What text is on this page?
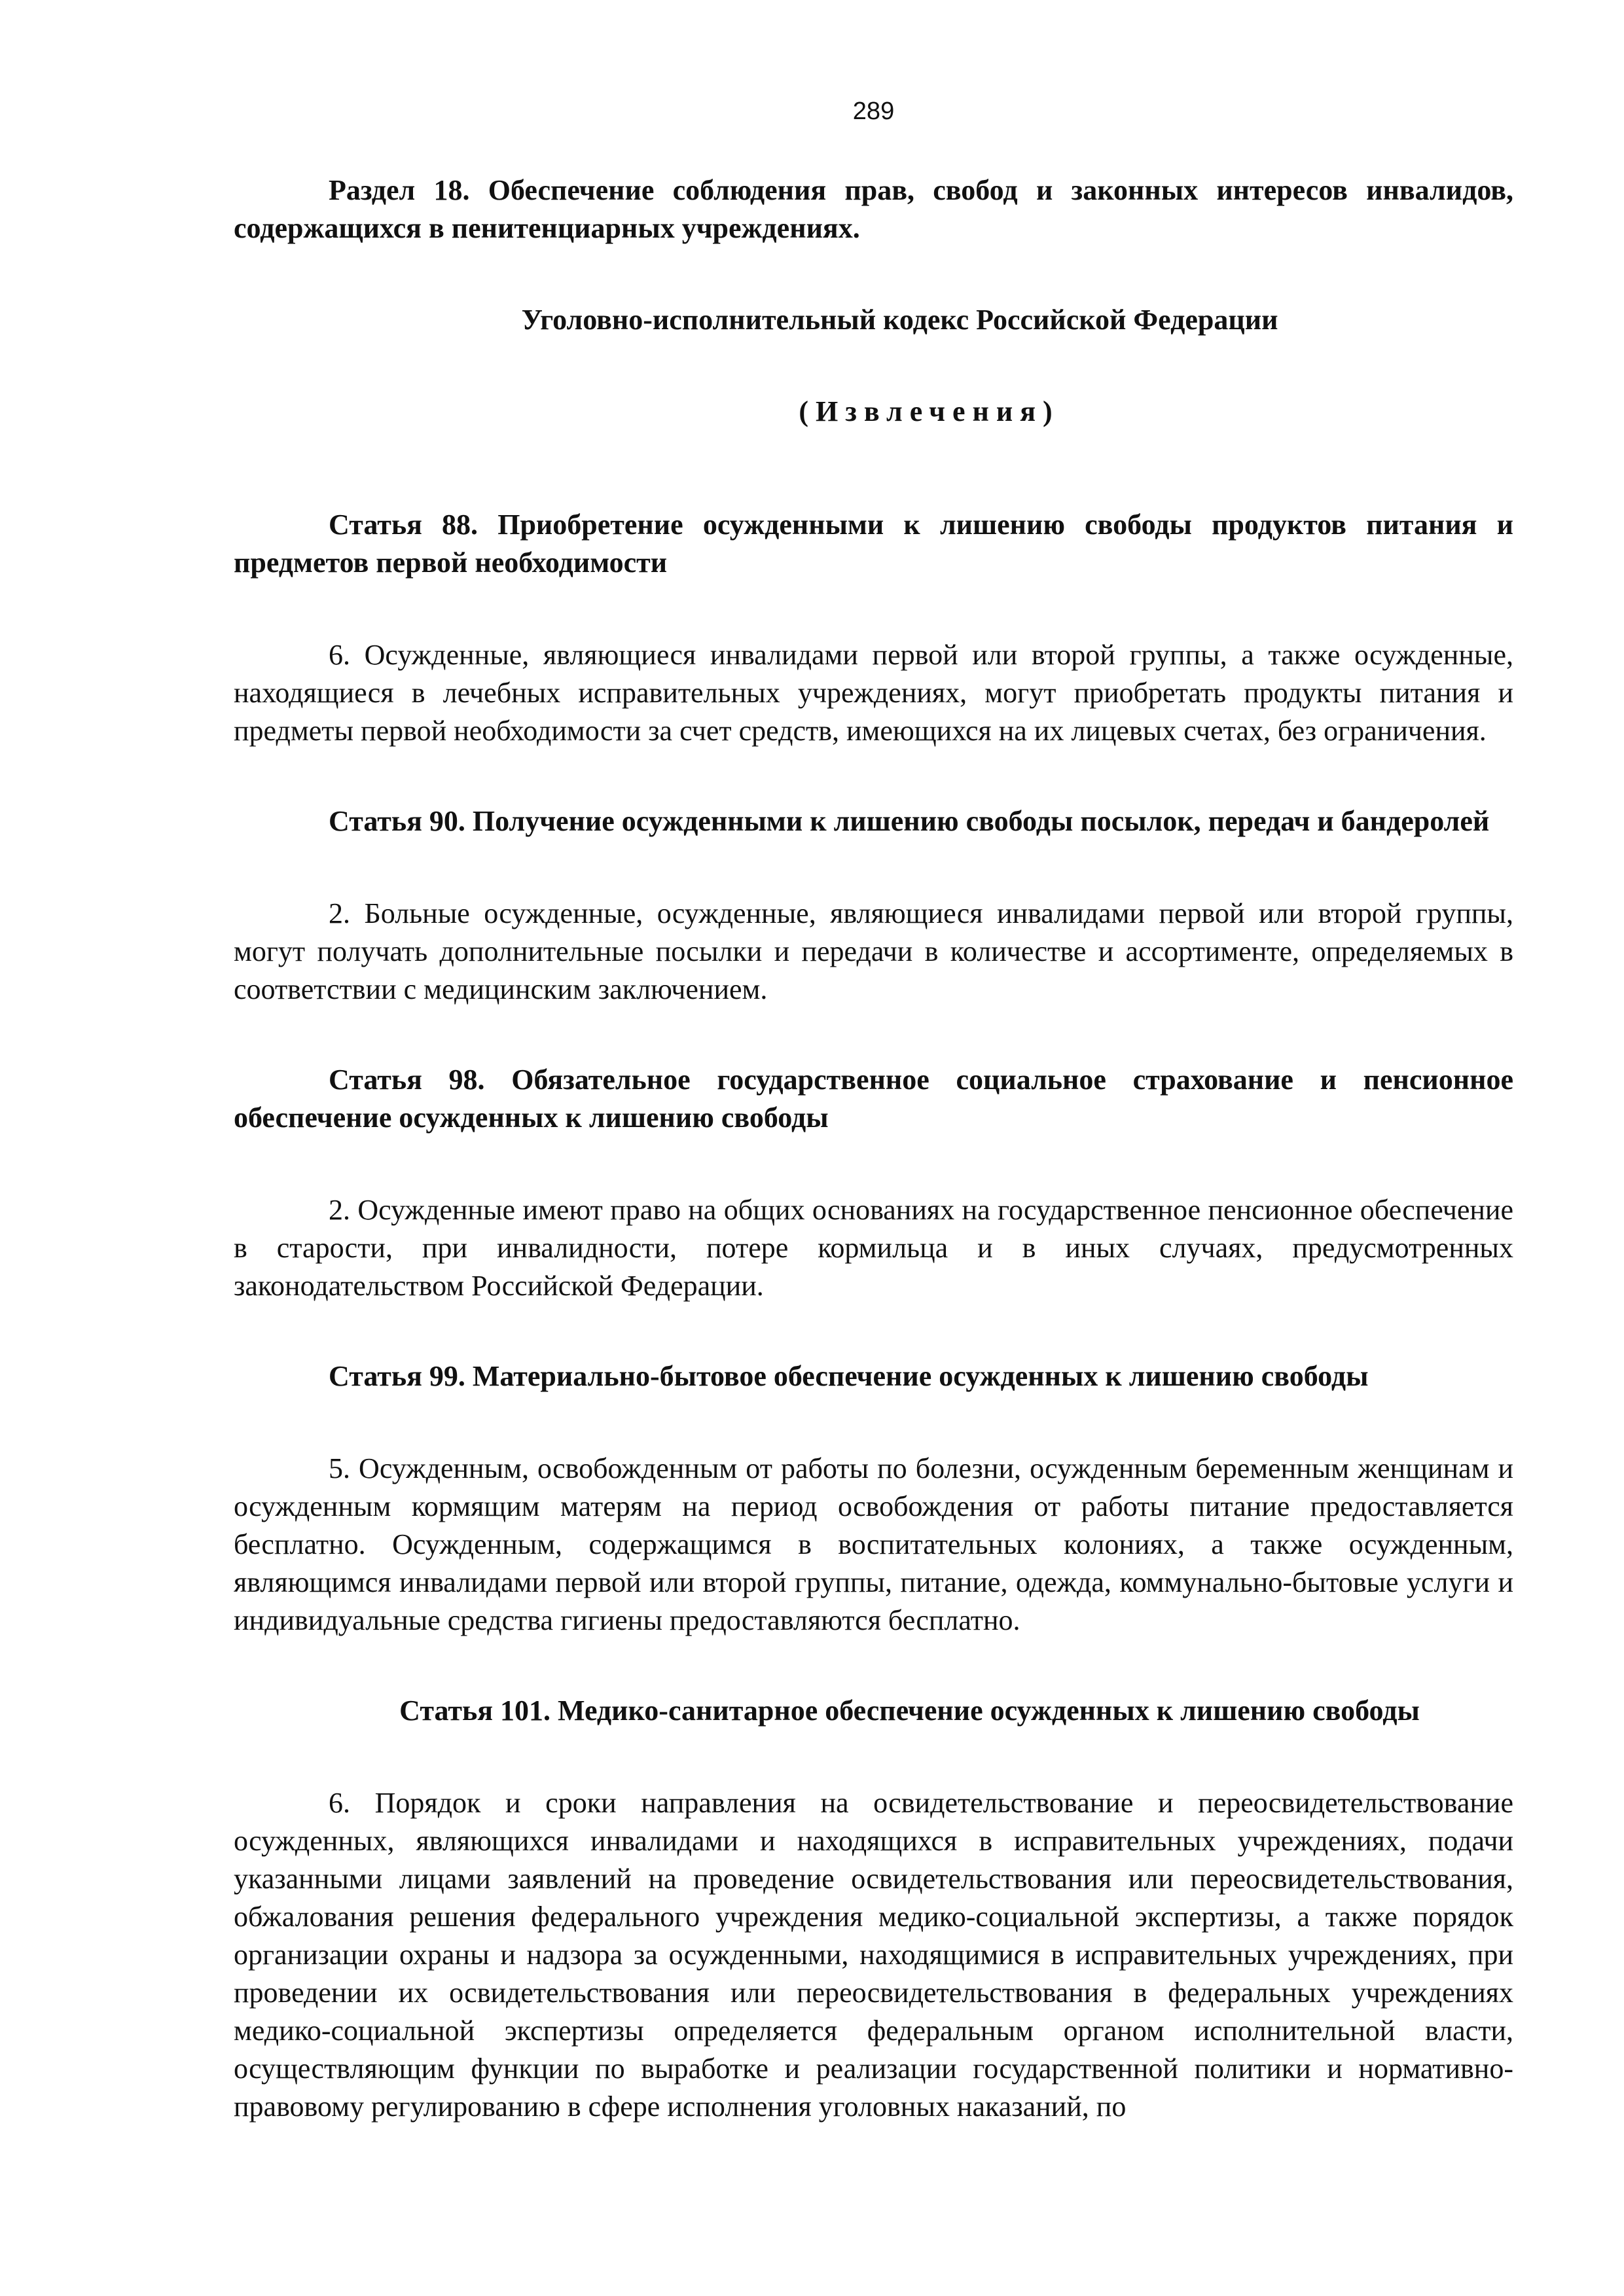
289

Раздел 18. Обеспечение соблюдения прав, свобод и законных интересов инвалидов, содержащихся в пенитенциарных учреждениях.

Уголовно-исполнительный кодекс Российской Федерации

(Извлечения)

Статья 88. Приобретение осужденными к лишению свободы продуктов питания и предметов первой необходимости

6. Осужденные, являющиеся инвалидами первой или второй группы, а также осужденные, находящиеся в лечебных исправительных учреждениях, могут приобретать продукты питания и предметы первой необходимости за счет средств, имеющихся на их лицевых счетах, без ограничения.

Статья 90. Получение осужденными к лишению свободы посылок, передач и бандеролей

2. Больные осужденные, осужденные, являющиеся инвалидами первой или второй группы, могут получать дополнительные посылки и передачи в количестве и ассортименте, определяемых в соответствии с медицинским заключением.

Статья 98. Обязательное государственное социальное страхование и пенсионное обеспечение осужденных к лишению свободы

2. Осужденные имеют право на общих основаниях на государственное пенсионное обеспечение в старости, при инвалидности, потере кормильца и в иных случаях, предусмотренных законодательством Российской Федерации.

Статья 99. Материально-бытовое обеспечение осужденных к лишению свободы

5. Осужденным, освобожденным от работы по болезни, осужденным беременным женщинам и осужденным кормящим матерям на период освобождения от работы питание предоставляется бесплатно. Осужденным, содержащимся в воспитательных колониях, а также осужденным, являющимся инвалидами первой или второй группы, питание, одежда, коммунально-бытовые услуги и индивидуальные средства гигиены предоставляются бесплатно.

Статья 101. Медико-санитарное обеспечение осужденных к лишению свободы

6. Порядок и сроки направления на освидетельствование и переосвидетельствование осужденных, являющихся инвалидами и находящихся в исправительных учреждениях, подачи указанными лицами заявлений на проведение освидетельствования или переосвидетельствования, обжалования решения федерального учреждения медико-социальной экспертизы, а также порядок организации охраны и надзора за осужденными, находящимися в исправительных учреждениях, при проведении их освидетельствования или переосвидетельствования в федеральных учреждениях медико-социальной экспертизы определяется федеральным органом исполнительной власти, осуществляющим функции по выработке и реализации государственной политики и нормативно-правовому регулированию в сфере исполнения уголовных наказаний, по
